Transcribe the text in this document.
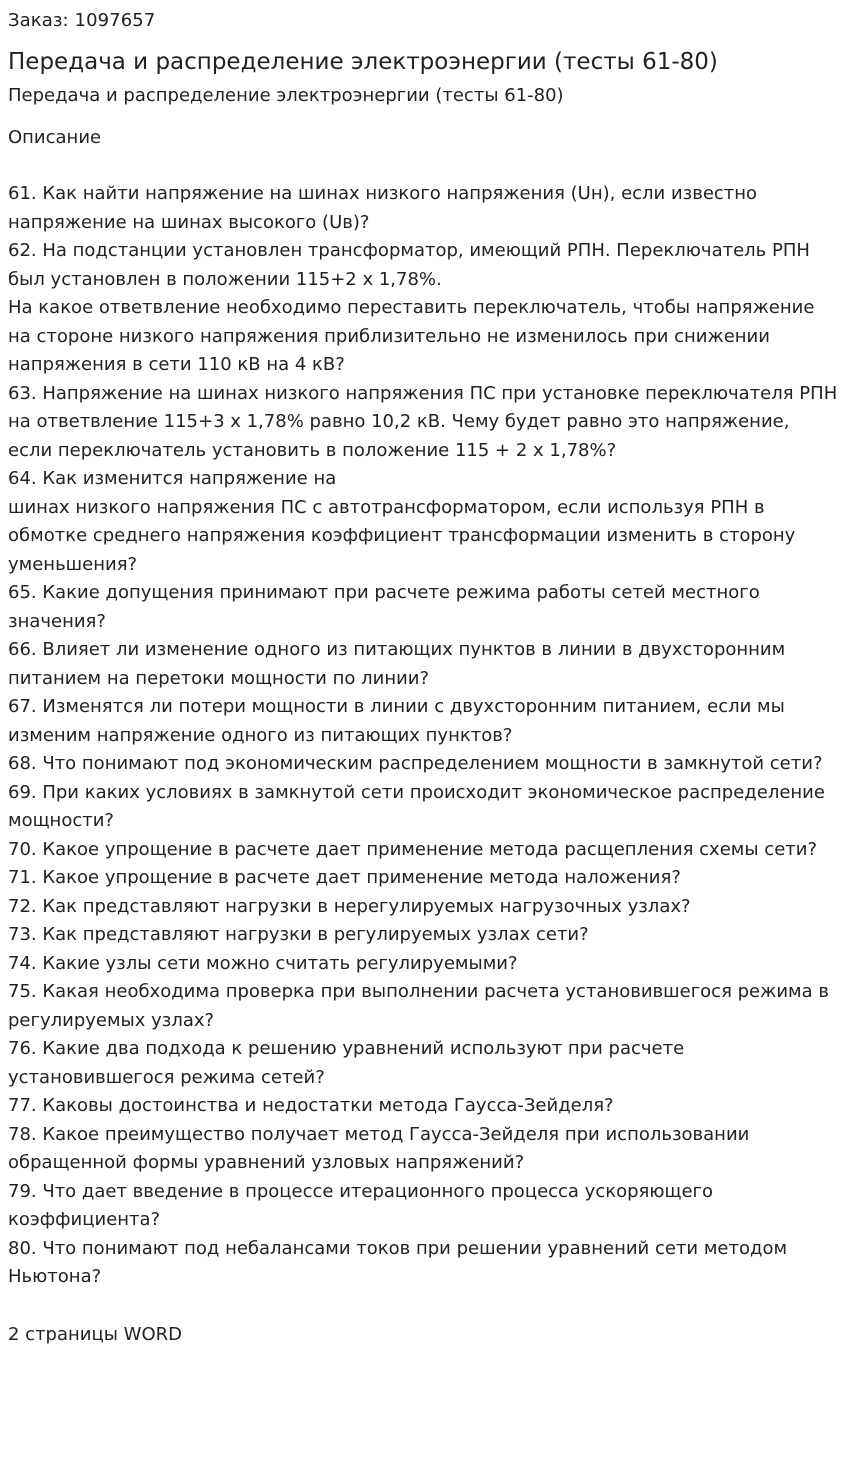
Заказ: 1097657
Передача и распределение электроэнергии (тесты 61-80)
Передача и распределение электроэнергии (тесты 61-80)
Описание
61. Как найти напряжение на шинах низкого напряжения (Uн), если известно напряжение на шинах высокого (Uв)?
62. На подстанции установлен трансформатор, имеющий РПН. Переключатель РПН был установлен в положении 115+2 х 1,78%.
На какое ответвление необходимо переставить переключатель, чтобы напряжение на стороне низкого напряжения приблизительно не изменилось при снижении напряжения в сети 110 кВ на 4 кВ?
63. Напряжение на шинах низкого напряжения ПС при установке переключателя РПН на ответвление 115+3 х 1,78% равно 10,2 кВ. Чему будет равно это напряжение, если переключатель установить в положение 115 + 2 х 1,78%?
64. Как изменится напряжение на
шинах низкого напряжения ПС с автотрансформатором, если используя РПН в обмотке среднего напряжения коэффициент трансформации изменить в сторону уменьшения?
65. Какие допущения принимают при расчете режима работы сетей местного значения?
66. Влияет ли изменение одного из питающих пунктов в линии в двухсторонним питанием на перетоки мощности по линии?
67. Изменятся ли потери мощности в линии с двухсторонним питанием, если мы изменим напряжение одного из питающих пунктов?
68. Что понимают под экономическим распределением мощности в замкнутой сети?
69. При каких условиях в замкнутой сети происходит экономическое распределение мощности?
70. Какое упрощение в расчете дает применение метода расщепления схемы сети?
71. Какое упрощение в расчете дает применение метода наложения?
72. Как представляют нагрузки в нерегулируемых нагрузочных узлах?
73. Как представляют нагрузки в регулируемых узлах сети?
74. Какие узлы сети можно считать регулируемыми?
75. Какая необходима проверка при выполнении расчета установившегося режима в регулируемых узлах?
76. Какие два подхода к решению уравнений используют при расчете установившегося режима сетей?
77. Каковы достоинства и недостатки метода Гаусса-Зейделя?
78. Какое преимущество получает метод Гаусса-Зейделя при использовании обращенной формы уравнений узловых напряжений?
79. Что дает введение в процессе итерационного процесса ускоряющего коэффициента?
80. Что понимают под небалансами токов при решении уравнений сети методом Ньютона?
2 страницы WORD
